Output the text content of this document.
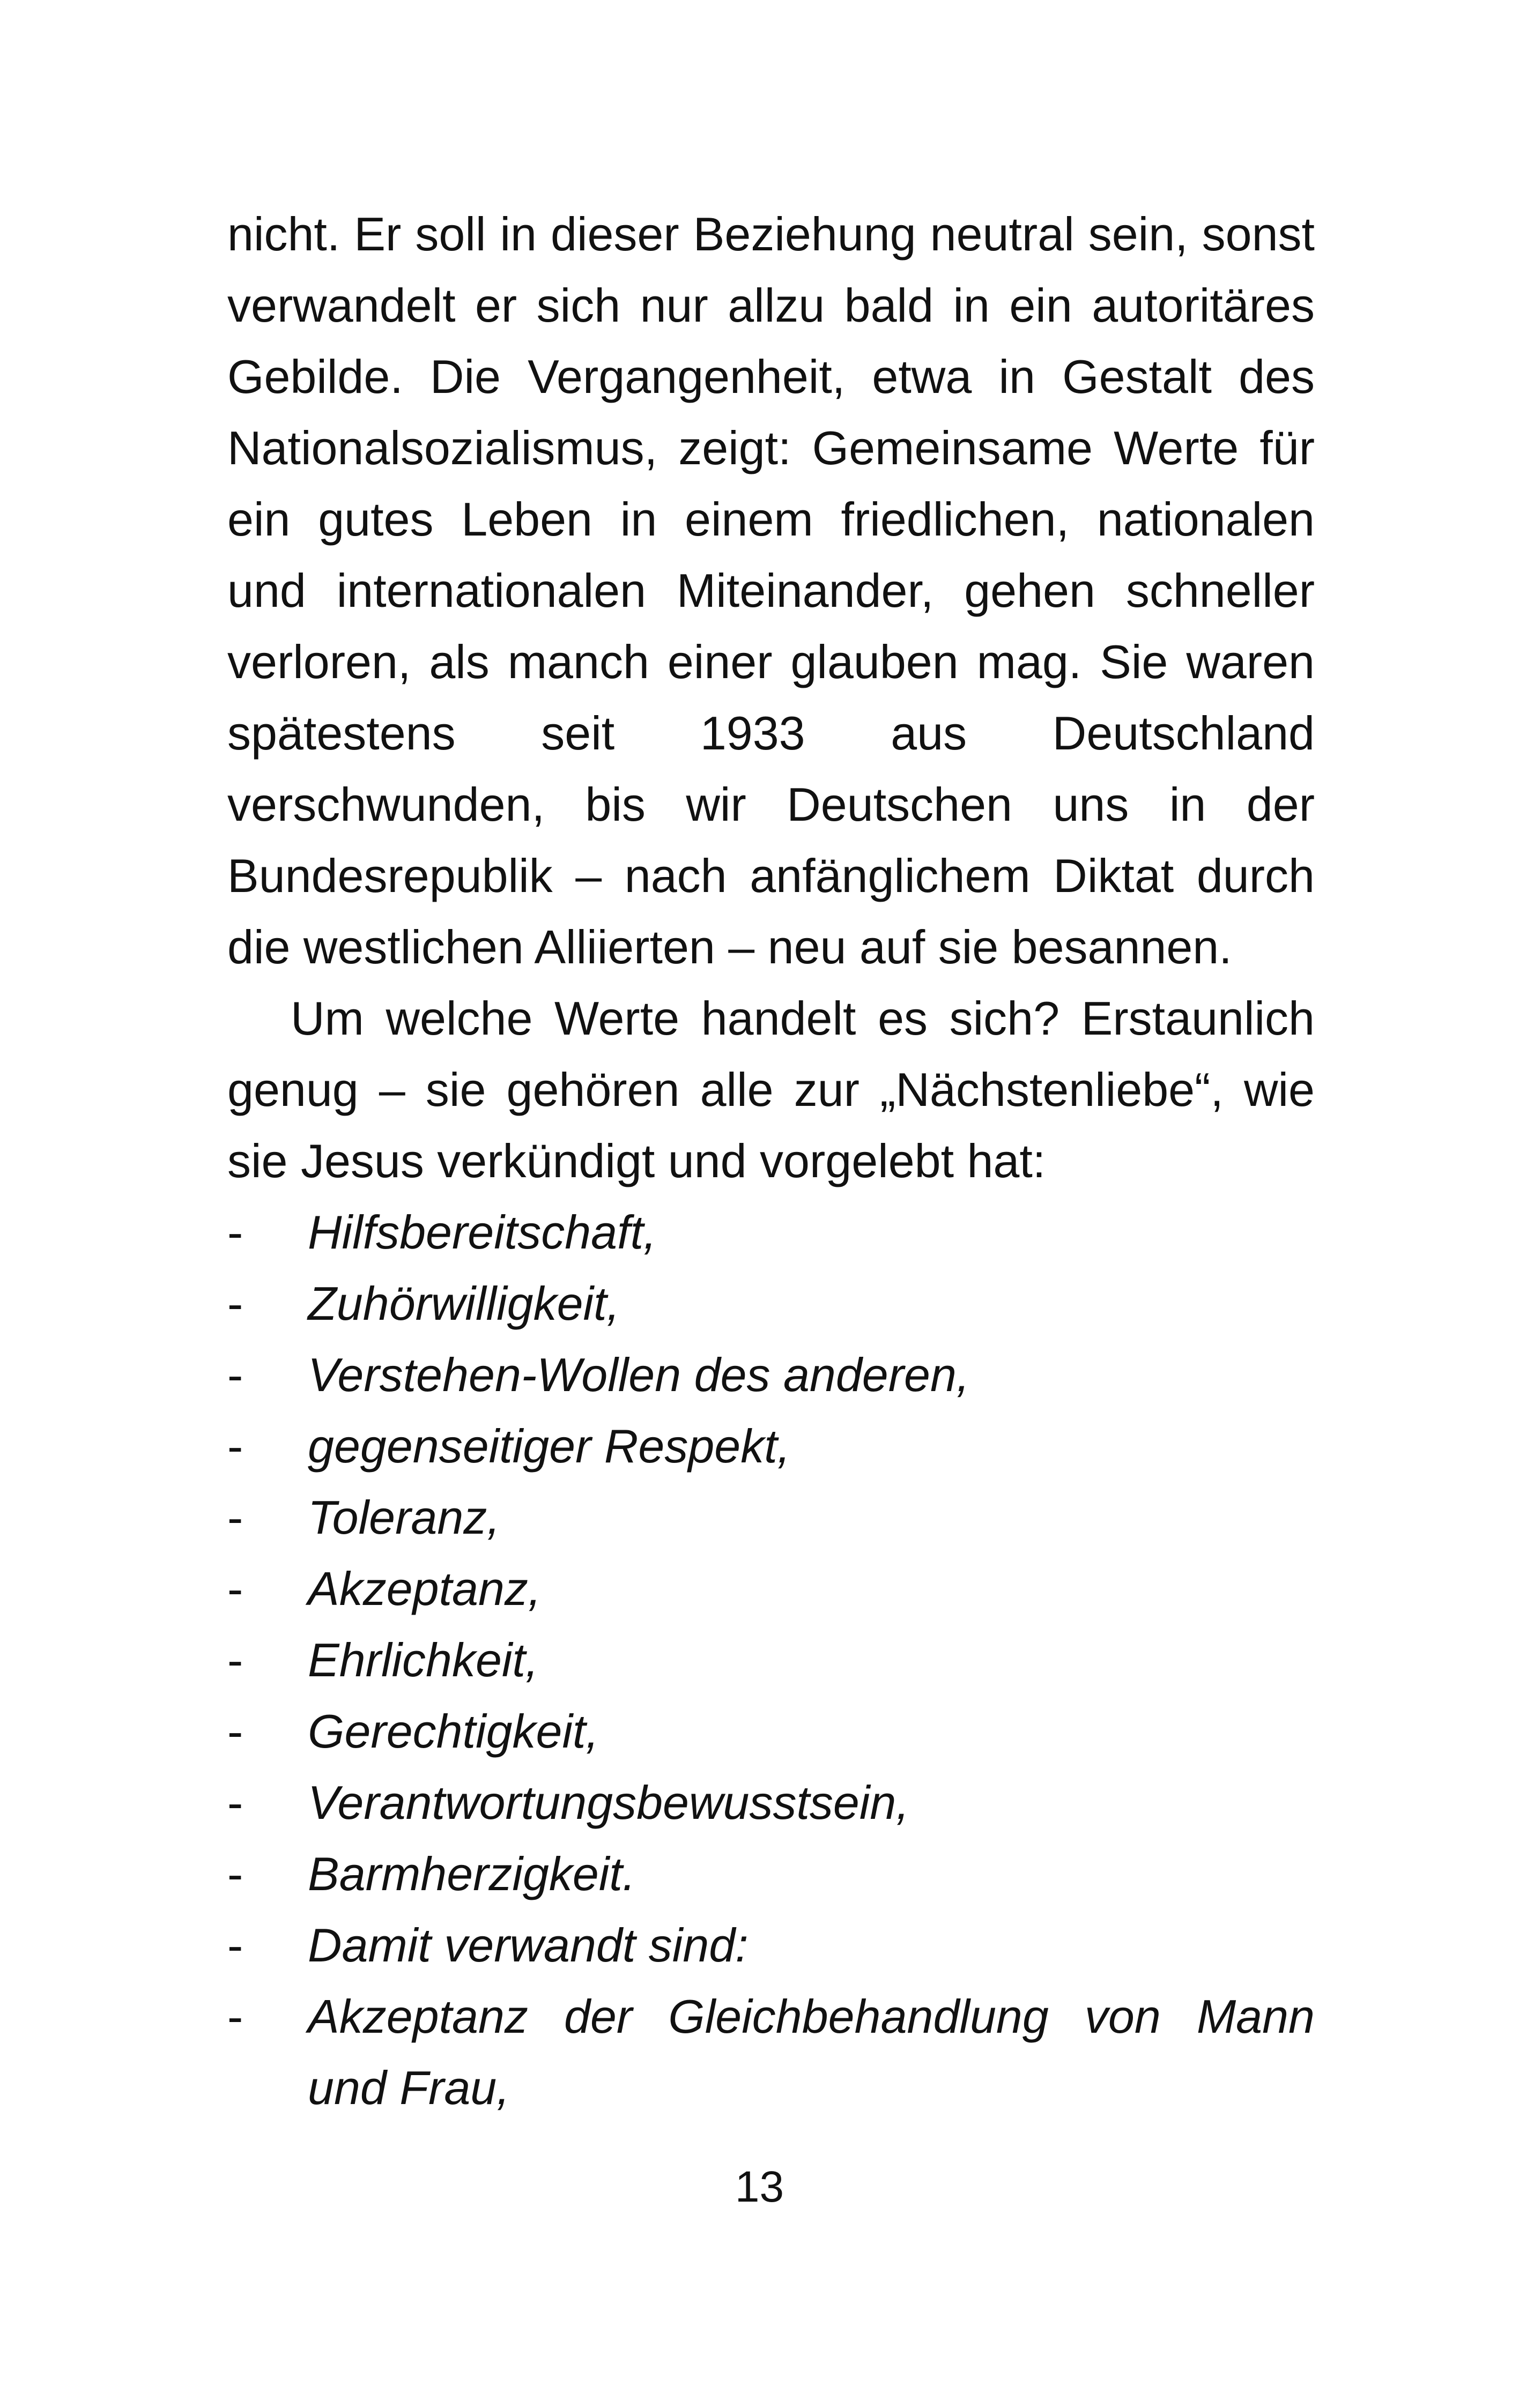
nicht. Er soll in dieser Beziehung neutral sein, sonst verwandelt er sich nur allzu bald in ein autoritäres Gebilde. Die Vergangenheit, etwa in Gestalt des Nationalsozialismus, zeigt: Gemeinsame Werte für ein gutes Leben in einem friedlichen, nationalen und internationalen Miteinander, gehen schneller verloren, als manch einer glauben mag. Sie waren spätestens seit 1933 aus Deutschland verschwunden, bis wir Deutschen uns in der Bundesrepublik – nach anfänglichem Diktat durch die westlichen Alliierten – neu auf sie besannen.

Um welche Werte handelt es sich? Erstaunlich genug – sie gehören alle zur „Nächstenliebe“, wie sie Jesus verkündigt und vorgelebt hat:

- Hilfsbereitschaft,
- Zuhörwilligkeit,
- Verstehen-Wollen des anderen,
- gegenseitiger Respekt,
- Toleranz,
- Akzeptanz,
- Ehrlichkeit,
- Gerechtigkeit,
- Verantwortungsbewusstsein,
- Barmherzigkeit.
- Damit verwandt sind:
- Akzeptanz der Gleichbehandlung von Mann und Frau,
13
